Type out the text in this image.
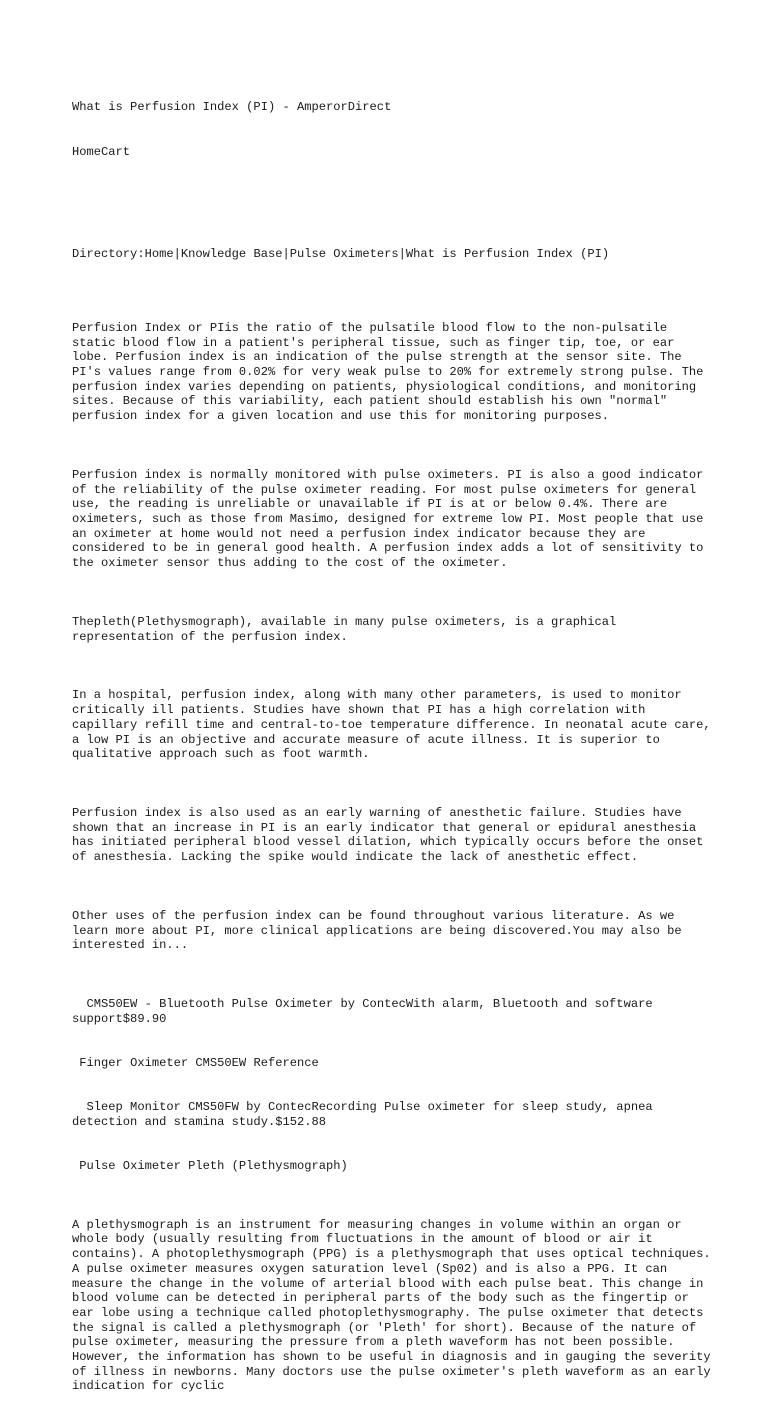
What is Perfusion Index (PI) - AmperorDirect

HomeCart

Directory:Home|Knowledge Base|Pulse Oximeters|What is Perfusion Index (PI)

Perfusion Index or PIis the ratio of the pulsatile blood flow to the non-pulsatile static blood flow in a patient's peripheral tissue, such as finger tip, toe, or ear lobe. Perfusion index is an indication of the pulse strength at the sensor site. The PI's values range from 0.02% for very weak pulse to 20% for extremely strong pulse. The perfusion index varies depending on patients, physiological conditions, and monitoring sites. Because of this variability, each patient should establish his own "normal" perfusion index for a given location and use this for monitoring purposes.

Perfusion index is normally monitored with pulse oximeters. PI is also a good indicator of the reliability of the pulse oximeter reading. For most pulse oximeters for general use, the reading is unreliable or unavailable if PI is at or below 0.4%. There are oximeters, such as those from Masimo, designed for extreme low PI. Most people that use an oximeter at home would not need a perfusion index indicator because they are considered to be in general good health. A perfusion index adds a lot of sensitivity to the oximeter sensor thus adding to the cost of the oximeter.

Thepleth(Plethysmograph), available in many pulse oximeters, is a graphical representation of the perfusion index.

In a hospital, perfusion index, along with many other parameters, is used to monitor critically ill patients. Studies have shown that PI has a high correlation with capillary refill time and central-to-toe temperature difference. In neonatal acute care, a low PI is an objective and accurate measure of acute illness. It is superior to qualitative approach such as foot warmth.

Perfusion index is also used as an early warning of anesthetic failure. Studies have shown that an increase in PI is an early indicator that general or epidural anesthesia has initiated peripheral blood vessel dilation, which typically occurs before the onset of anesthesia. Lacking the spike would indicate the lack of anesthetic effect.

Other uses of the perfusion index can be found throughout various literature. As we learn more about PI, more clinical applications are being discovered.You may also be interested in...

CMS50EW - Bluetooth Pulse Oximeter by ContecWith alarm, Bluetooth and software support$89.90

Finger Oximeter CMS50EW Reference

Sleep Monitor CMS50FW by ContecRecording Pulse oximeter for sleep study, apnea detection and stamina study.$152.88

Pulse Oximeter Pleth (Plethysmograph)

A plethysmograph is an instrument for measuring changes in volume within an organ or whole body (usually resulting from fluctuations in the amount of blood or air it contains). A photoplethysmograph (PPG) is a plethysmograph that uses optical techniques. A pulse oximeter measures oxygen saturation level (Sp02) and is also a PPG. It can measure the change in the volume of arterial blood with each pulse beat. This change in blood volume can be detected in peripheral parts of the body such as the fingertip or ear lobe using a technique called photoplethysmography. The pulse oximeter that detects the signal is called a plethysmograph (or 'Pleth' for short). Because of the nature of pulse oximeter, measuring the pressure from a pleth waveform has not been possible. However, the information has shown to be useful in diagnosis and in gauging the severity of illness in newborns. Many doctors use the pulse oximeter's pleth waveform as an early indication for cyclic
